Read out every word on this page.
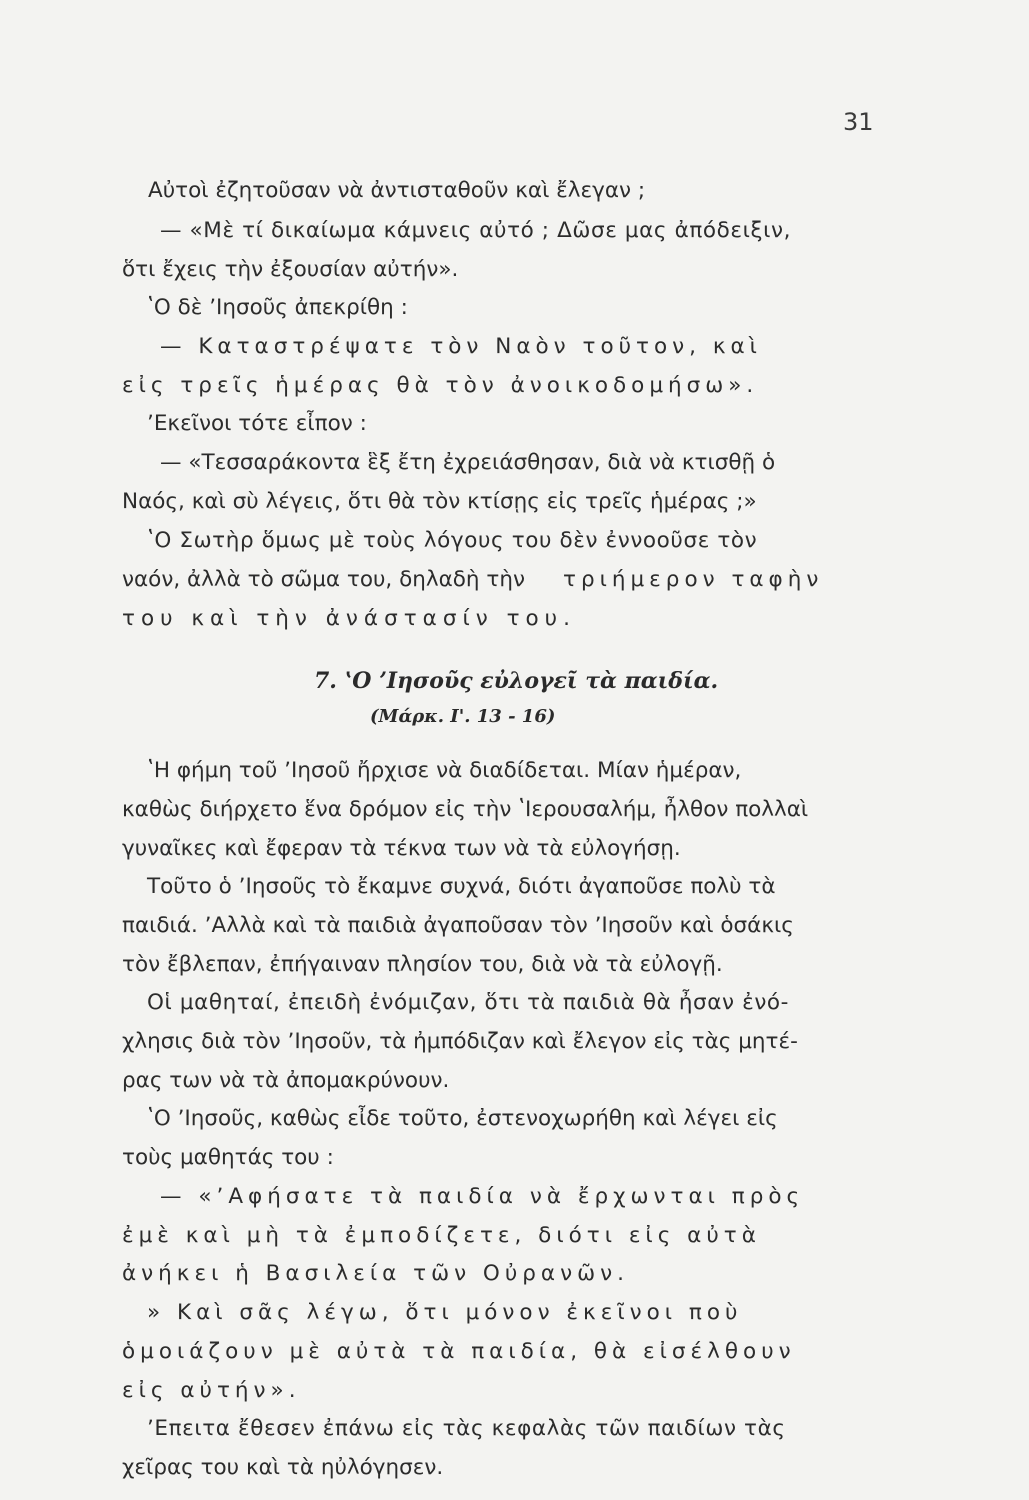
31
Αὐτοὶ ἐζητοῦσαν νὰ ἀντισταθοῦν καὶ ἔλεγαν ;
— «Μὲ τί δικαίωμα κάμνεις αὐτό ; Δῶσε μας ἀπόδειξιν,
ὅτι ἔχεις τὴν ἐξουσίαν αὐτήν».
ʽΟ δὲ ʼΙησοῦς ἀπεκρίθη :
— Καταστρέψατε τὸν Ναὸν τοῦτον, καὶ
εἰς τρεῖς ἡμέρας θὰ τὸν ἀνοικοδομήσω».
ʼΕκεῖνοι τότε εἶπον :
— «Τεσσαράκοντα ἓξ ἔτη ἐχρειάσθησαν, διὰ νὰ κτισθῇ ὁ
Ναός, καὶ σὺ λέγεις, ὅτι θὰ τὸν κτίσῃς εἰς τρεῖς ἡμέρας ;»
ʽΟ Σωτὴρ ὅμως μὲ τοὺς λόγους του δὲν ἐννοοῦσε τὸν
ναόν, ἀλλὰ τὸ σῶμα του, δηλαδὴ τὴν τριήμερον ταφὴν
του καὶ τὴν ἀνάστασίν του.
7. ʽΟ ʼΙησοῦς εὐλογεῖ τὰ παιδία.
(Μάρκ. Ι'. 13 - 16)
ʽΗ φήμη τοῦ ʼΙησοῦ ἤρχισε νὰ διαδίδεται. Μίαν ἡμέραν,
καθὼς διήρχετο ἕνα δρόμον εἰς τὴν ʽΙερουσαλήμ, ἦλθον πολλαὶ
γυναῖκες καὶ ἔφεραν τὰ τέκνα των νὰ τὰ εὐλογήσῃ.
Τοῦτο ὁ ʼΙησοῦς τὸ ἔκαμνε συχνά, διότι ἀγαποῦσε πολὺ τὰ
παιδιά. ʼΑλλὰ καὶ τὰ παιδιὰ ἀγαποῦσαν τὸν ʼΙησοῦν καὶ ὁσάκις
τὸν ἔβλεπαν, ἐπήγαιναν πλησίον του, διὰ νὰ τὰ εὐλογῇ.
Οἱ μαθηταί, ἐπειδὴ ἐνόμιζαν, ὅτι τὰ παιδιὰ θὰ ἦσαν ἐνό-
χλησις διὰ τὸν ʼΙησοῦν, τὰ ἠμπόδιζαν καὶ ἔλεγον εἰς τὰς μητέ-
ρας των νὰ τὰ ἀπομακρύνουν.
ʽΟ ʼΙησοῦς, καθὼς εἶδε τοῦτο, ἐστενοχωρήθη καὶ λέγει εἰς
τοὺς μαθητάς του :
— «ʼΑφήσατε τὰ παιδία νὰ ἔρχωνται πρὸς
ἐμὲ καὶ μὴ τὰ ἐμποδίζετε, διότι εἰς αὐτὰ
ἀνήκει ἡ Βασιλεία τῶν Οὐρανῶν.
» Καὶ σᾶς λέγω, ὅτι μόνον ἐκεῖνοι ποὺ
ὁμοιάζουν μὲ αὐτὰ τὰ παιδία, θὰ εἰσέλθουν
εἰς αὐτήν».
ʼΕπειτα ἔθεσεν ἐπάνω εἰς τὰς κεφαλὰς τῶν παιδίων τὰς
χεῖρας του καὶ τὰ ηὐλόγησεν.
